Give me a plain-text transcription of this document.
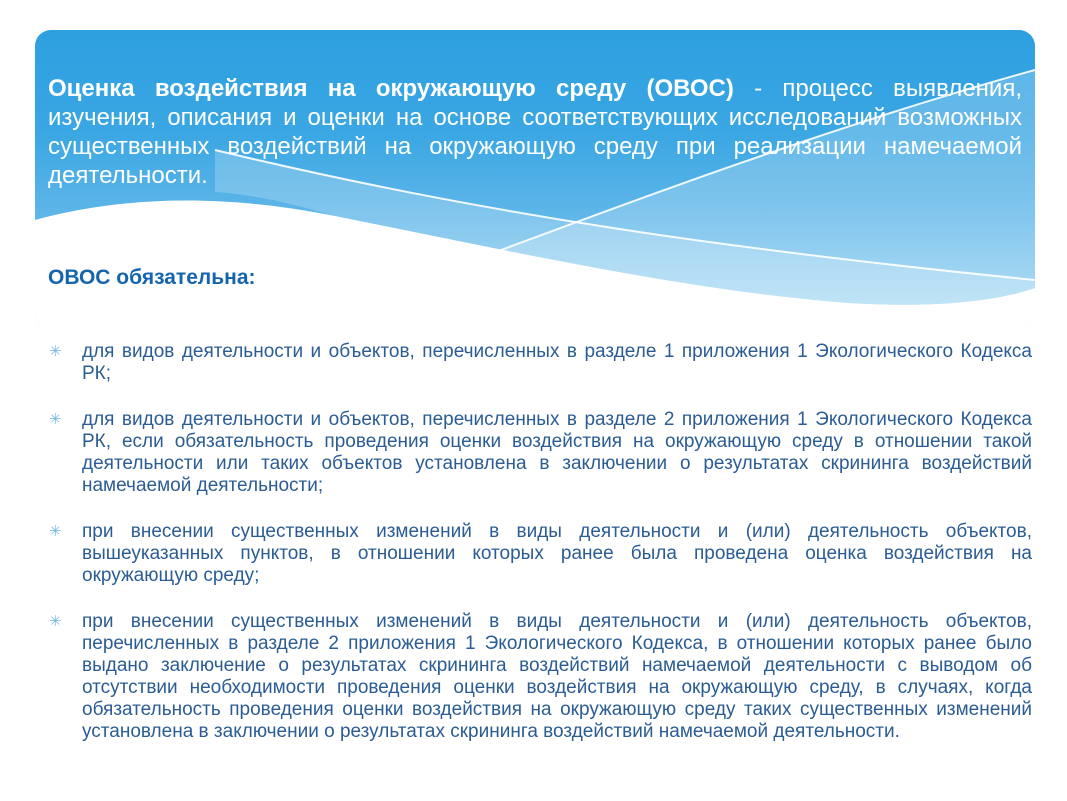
Оценка воздействия на окружающую среду (ОВОС) - процесс выявления, изучения, описания и оценки на основе соответствующих исследований возможных существенных воздействий на окружающую среду при реализации намечаемой деятельности.
ОВОС обязательна:
✳ для видов деятельности и объектов, перечисленных в разделе 1 приложения 1 Экологического Кодекса РК;
✳ для видов деятельности и объектов, перечисленных в разделе 2 приложения 1 Экологического Кодекса РК, если обязательность проведения оценки воздействия на окружающую среду в отношении такой деятельности или таких объектов установлена в заключении о результатах скрининга воздействий намечаемой деятельности;
✳ при внесении существенных изменений в виды деятельности и (или) деятельность объектов, вышеуказанных пунктов, в отношении которых ранее была проведена оценка воздействия на окружающую среду;
✳ при внесении существенных изменений в виды деятельности и (или) деятельность объектов, перечисленных в разделе 2 приложения 1 Экологического Кодекса, в отношении которых ранее было выдано заключение о результатах скрининга воздействий намечаемой деятельности с выводом об отсутствии необходимости проведения оценки воздействия на окружающую среду, в случаях, когда обязательность проведения оценки воздействия на окружающую среду таких существенных изменений установлена в заключении о результатах скрининга воздействий намечаемой деятельности.
